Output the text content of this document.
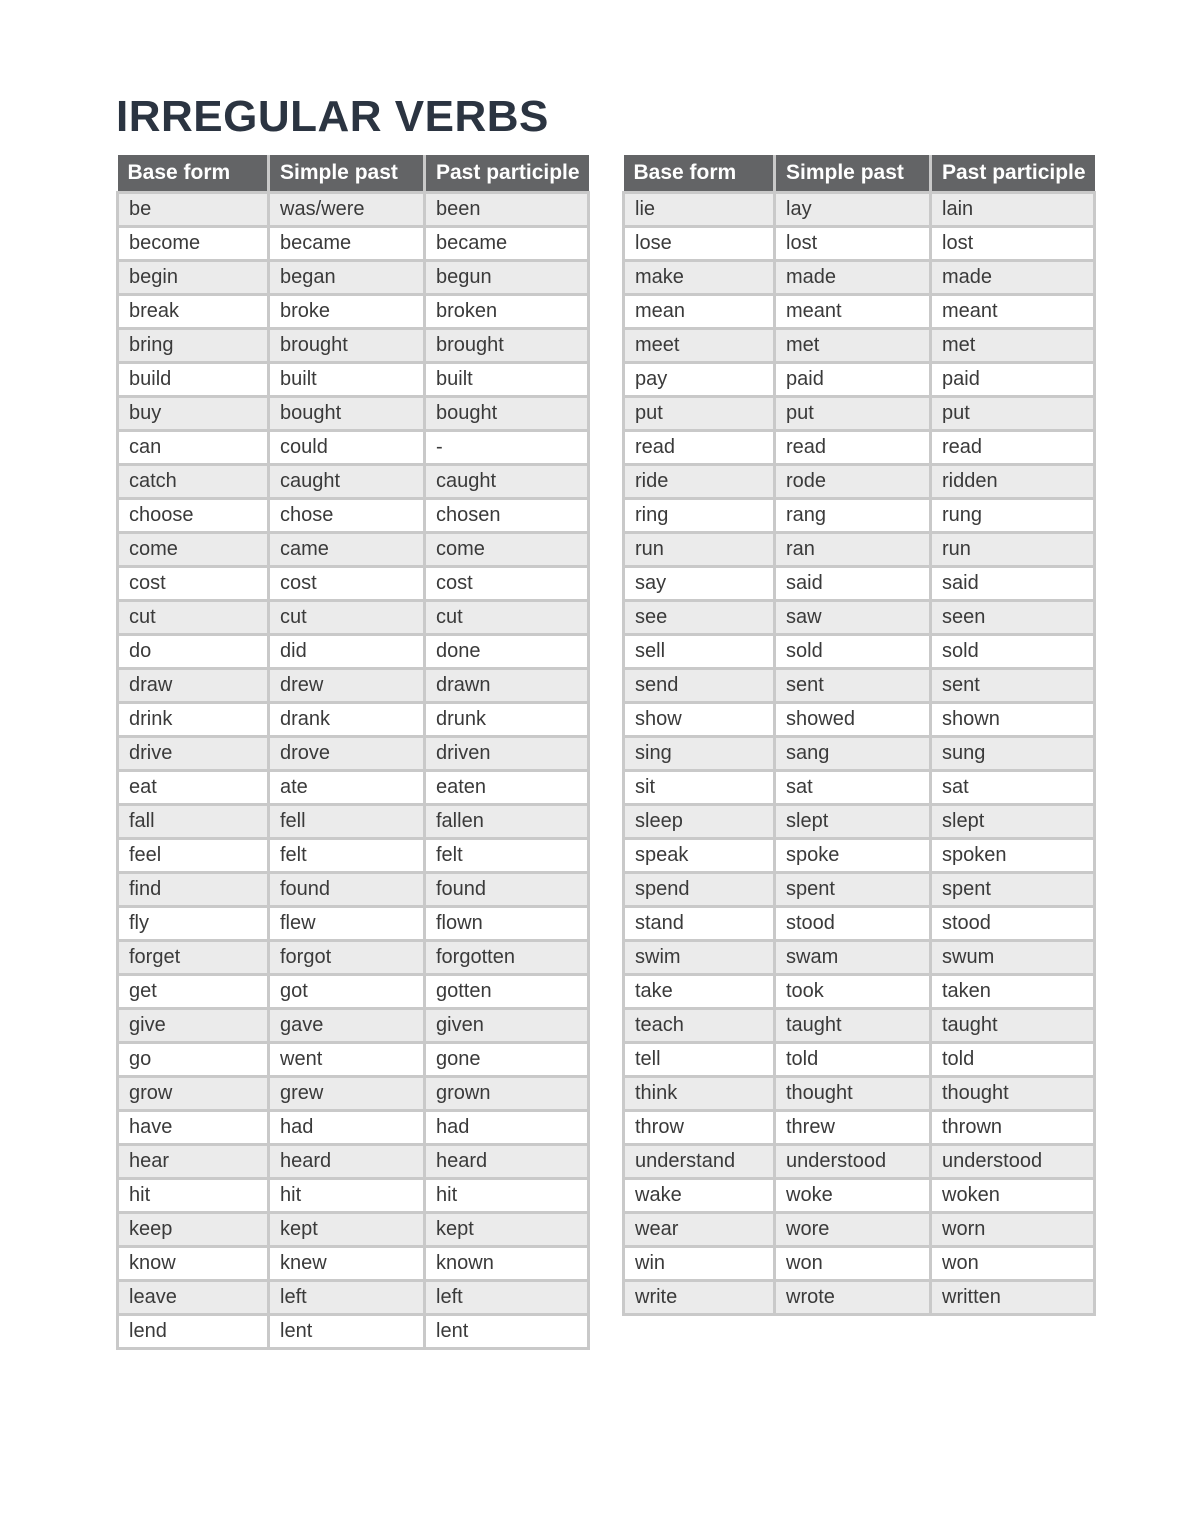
IRREGULAR VERBS
Base form	Simple past	Past participle
be	was/were	been
become	became	became
begin	began	begun
break	broke	broken
bring	brought	brought
build	built	built
buy	bought	bought
can	could	-
catch	caught	caught
choose	chose	chosen
come	came	come
cost	cost	cost
cut	cut	cut
do	did	done
draw	drew	drawn
drink	drank	drunk
drive	drove	driven
eat	ate	eaten
fall	fell	fallen
feel	felt	felt
find	found	found
fly	flew	flown
forget	forgot	forgotten
get	got	gotten
give	gave	given
go	went	gone
grow	grew	grown
have	had	had
hear	heard	heard
hit	hit	hit
keep	kept	kept
know	knew	known
leave	left	left
lend	lent	lent
Base form	Simple past	Past participle
lie	lay	lain
lose	lost	lost
make	made	made
mean	meant	meant
meet	met	met
pay	paid	paid
put	put	put
read	read	read
ride	rode	ridden
ring	rang	rung
run	ran	run
say	said	said
see	saw	seen
sell	sold	sold
send	sent	sent
show	showed	shown
sing	sang	sung
sit	sat	sat
sleep	slept	slept
speak	spoke	spoken
spend	spent	spent
stand	stood	stood
swim	swam	swum
take	took	taken
teach	taught	taught
tell	told	told
think	thought	thought
throw	threw	thrown
understand	understood	understood
wake	woke	woken
wear	wore	worn
win	won	won
write	wrote	written
